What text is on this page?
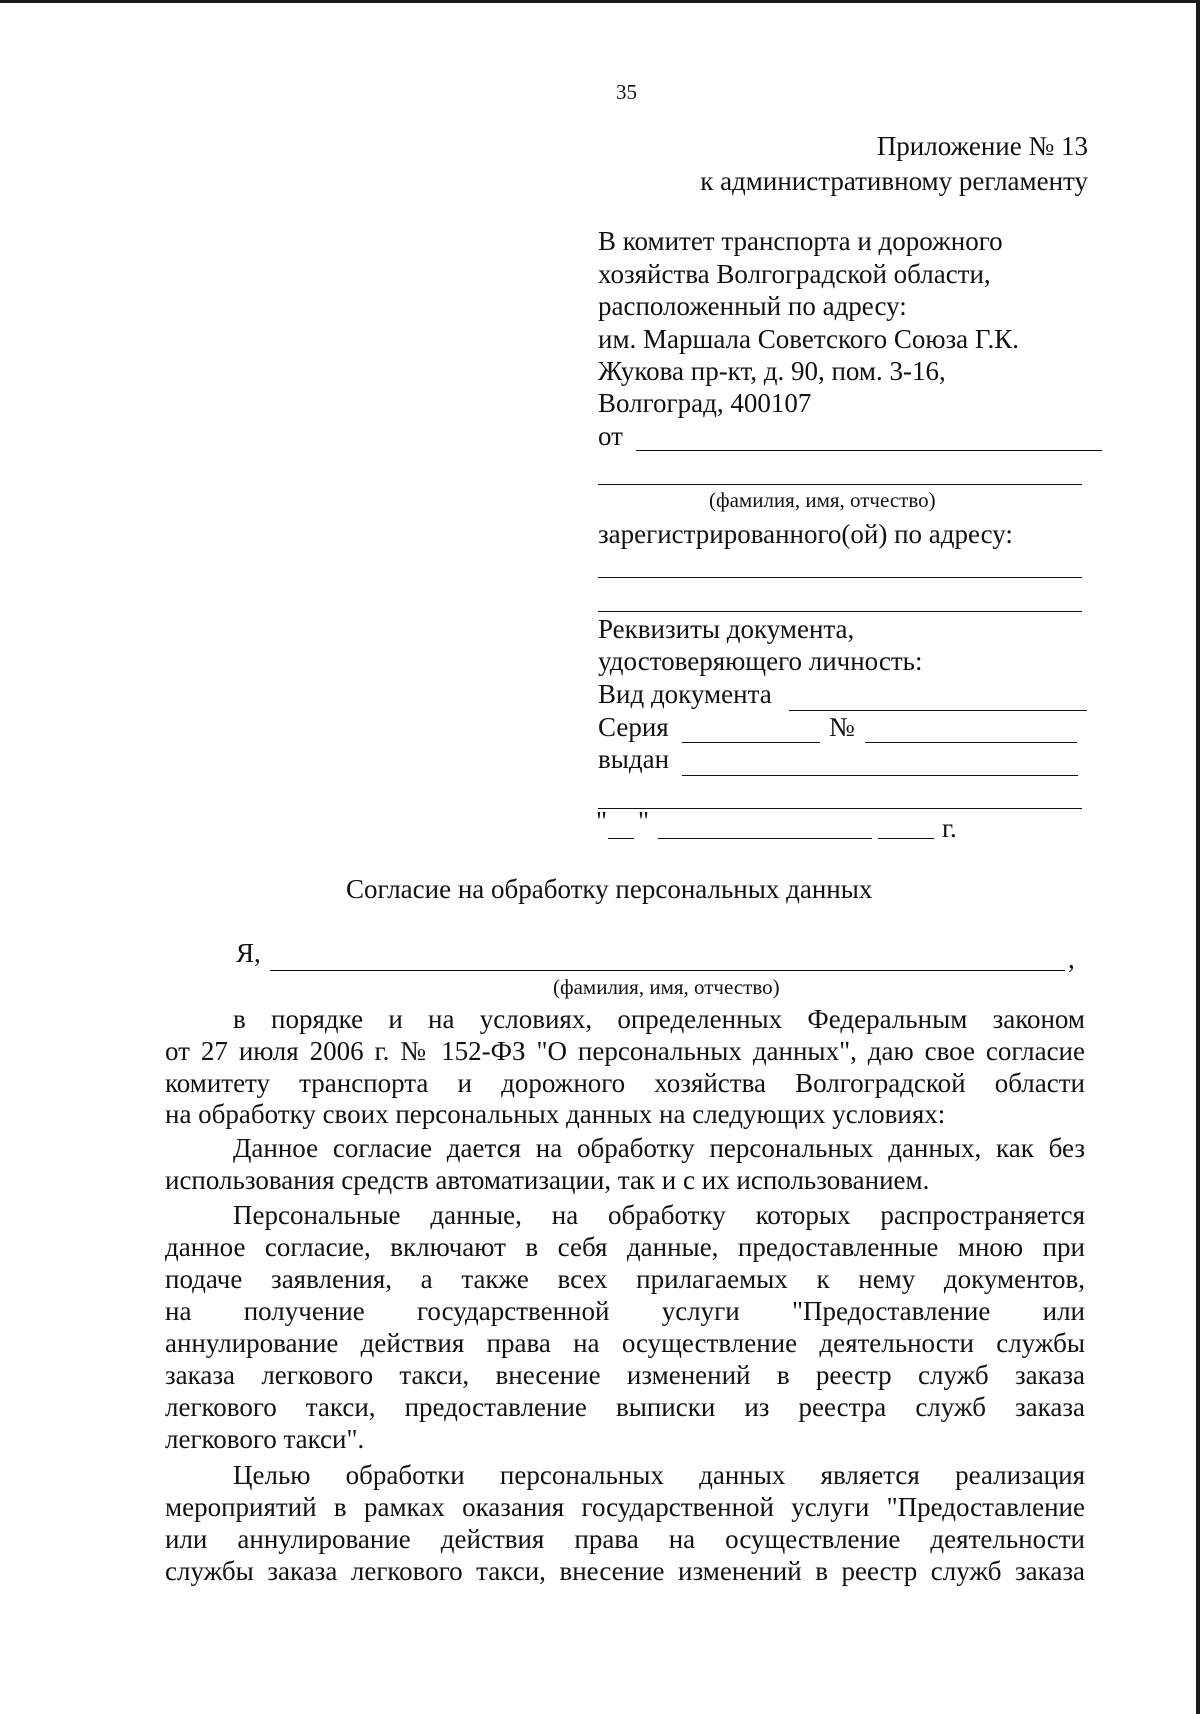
35
Приложение № 13
к административному регламенту
В комитет транспорта и дорожного
хозяйства Волгоградской области,
расположенный по адресу:
им. Маршала Советского Союза Г.К.
Жукова пр-кт, д. 90, пом. 3-16,
Волгоград, 400107
от
(фамилия, имя, отчество)
зарегистрированного(ой) по адресу:
Реквизиты документа,
удостоверяющего личность:
Вид документа
Серия	№
выдан
" "	г.
Согласие на обработку персональных данных
Я,	,
(фамилия, имя, отчество)
в порядке и на условиях, определенных Федеральным законом
от 27 июля 2006 г. № 152-ФЗ "О персональных данных", даю свое согласие
комитету транспорта и дорожного хозяйства Волгоградской области
на обработку своих персональных данных на следующих условиях:
Данное согласие дается на обработку персональных данных, как без
использования средств автоматизации, так и с их использованием.
Персональные данные, на обработку которых распространяется
данное согласие, включают в себя данные, предоставленные мною при
подаче заявления, а также всех прилагаемых к нему документов,
на получение государственной услуги "Предоставление или
аннулирование действия права на осуществление деятельности службы
заказа легкового такси, внесение изменений в реестр служб заказа
легкового такси, предоставление выписки из реестра служб заказа
легкового такси".
Целью обработки персональных данных является реализация
мероприятий в рамках оказания государственной услуги "Предоставление
или аннулирование действия права на осуществление деятельности
службы заказа легкового такси, внесение изменений в реестр служб заказа
